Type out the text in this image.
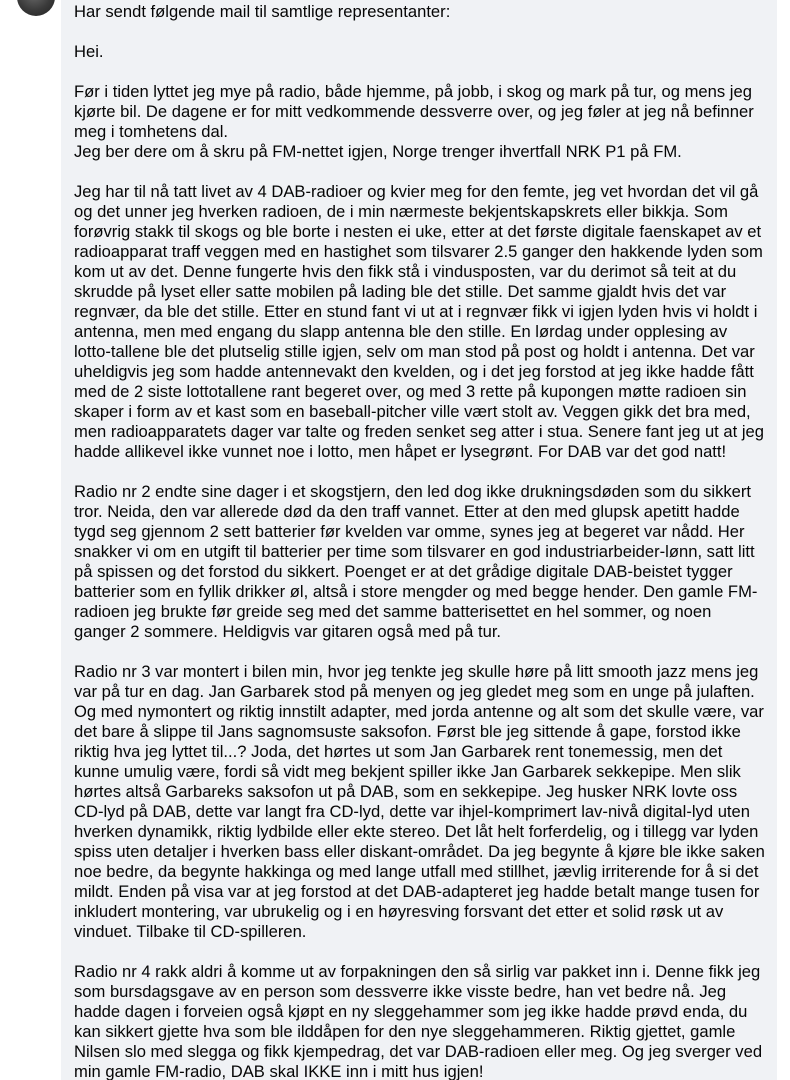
Har sendt følgende mail til samtlige representanter:

Hei.

Før i tiden lyttet jeg mye på radio, både hjemme, på jobb, i skog og mark på tur, og mens jeg kjørte bil. De dagene er for mitt vedkommende dessverre over, og jeg føler at jeg nå befinner meg i tomhetens dal.
Jeg ber dere om å skru på FM-nettet igjen, Norge trenger ihvertfall NRK P1 på FM.

Jeg har til nå tatt livet av 4 DAB-radioer og kvier meg for den femte, jeg vet hvordan det vil gå og det unner jeg hverken radioen, de i min nærmeste bekjentskapskrets eller bikkja. Som forøvrig stakk til skogs og ble borte i nesten ei uke, etter at det første digitale faenskapet av et radioapparat traff veggen med en hastighet som tilsvarer 2.5 ganger den hakkende lyden som kom ut av det. Denne fungerte hvis den fikk stå i vindusposten, var du derimot så teit at du skrudde på lyset eller satte mobilen på lading ble det stille. Det samme gjaldt hvis det var regnvær, da ble det stille. Etter en stund fant vi ut at i regnvær fikk vi igjen lyden hvis vi holdt i antenna, men med engang du slapp antenna ble den stille. En lørdag under opplesing av lotto-tallene ble det plutselig stille igjen, selv om man stod på post og holdt i antenna. Det var uheldigvis jeg som hadde antennevakt den kvelden, og i det jeg forstod at jeg ikke hadde fått med de 2 siste lottotallene rant begeret over, og med 3 rette på kupongen møtte radioen sin skaper i form av et kast som en baseball-pitcher ville vært stolt av. Veggen gikk det bra med, men radioapparatets dager var talte og freden senket seg atter i stua. Senere fant jeg ut at jeg hadde allikevel ikke vunnet noe i lotto, men håpet er lysegrønt. For DAB var det god natt!

Radio nr 2 endte sine dager i et skogstjern, den led dog ikke drukningsdøden som du sikkert tror. Neida, den var allerede død da den traff vannet. Etter at den med glupsk apetitt hadde tygd seg gjennom 2 sett batterier før kvelden var omme, synes jeg at begeret var nådd. Her snakker vi om en utgift til batterier per time som tilsvarer en god industriarbeider-lønn, satt litt på spissen og det forstod du sikkert. Poenget er at det grådige digitale DAB-beistet tygger batterier som en fyllik drikker øl, altså i store mengder og med begge hender. Den gamle FM-radioen jeg brukte før greide seg med det samme batterisettet en hel sommer, og noen ganger 2 sommere. Heldigvis var gitaren også med på tur.

Radio nr 3 var montert i bilen min, hvor jeg tenkte jeg skulle høre på litt smooth jazz mens jeg var på tur en dag. Jan Garbarek stod på menyen og jeg gledet meg som en unge på julaften. Og med nymontert og riktig innstilt adapter, med jorda antenne og alt som det skulle være, var det bare å slippe til Jans sagnomsuste saksofon. Først ble jeg sittende å gape, forstod ikke riktig hva jeg lyttet til...? Joda, det hørtes ut som Jan Garbarek rent tonemessig, men det kunne umulig være, fordi så vidt meg bekjent spiller ikke Jan Garbarek sekkepipe. Men slik hørtes altså Garbareks saksofon ut på DAB, som en sekkepipe. Jeg husker NRK lovte oss CD-lyd på DAB, dette var langt fra CD-lyd, dette var ihjel-komprimert lav-nivå digital-lyd uten hverken dynamikk, riktig lydbilde eller ekte stereo. Det låt helt forferdelig, og i tillegg var lyden spiss uten detaljer i hverken bass eller diskant-området. Da jeg begynte å kjøre ble ikke saken noe bedre, da begynte hakkinga og med lange utfall med stillhet, jævlig irriterende for å si det mildt. Enden på visa var at jeg forstod at det DAB-adapteret jeg hadde betalt mange tusen for inkludert montering, var ubrukelig og i en høyresving forsvant det etter et solid røsk ut av vinduet. Tilbake til CD-spilleren.

Radio nr 4 rakk aldri å komme ut av forpakningen den så sirlig var pakket inn i. Denne fikk jeg som bursdagsgave av en person som dessverre ikke visste bedre, han vet bedre nå. Jeg hadde dagen i forveien også kjøpt en ny sleggehammer som jeg ikke hadde prøvd enda, du kan sikkert gjette hva som ble ilddåpen for den nye sleggehammeren. Riktig gjettet, gamle Nilsen slo med slegga og fikk kjempedrag, det var DAB-radioen eller meg. Og jeg sverger ved min gamle FM-radio, DAB skal IKKE inn i mitt hus igjen!
